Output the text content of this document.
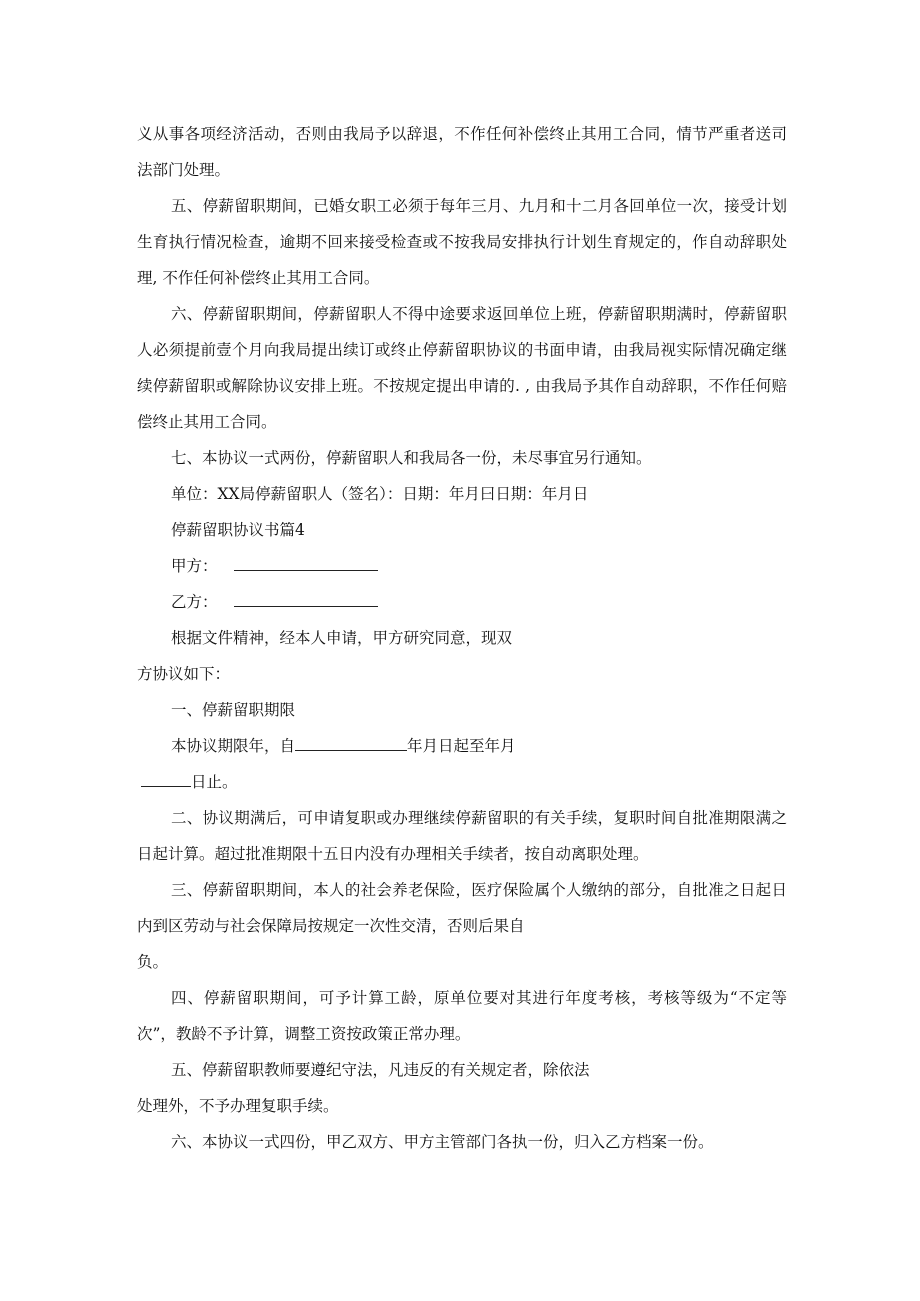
义从事各项经济活动，否则由我局予以辞退，不作任何补偿终止其用工合同，情节严重者送司法部门处理。

五、停薪留职期间，已婚女职工必须于每年三月、九月和十二月各回单位一次，接受计划生育执行情况检查，逾期不回来接受检查或不按我局安排执行计划生育规定的，作自动辞职处理, 不作任何补偿终止其用工合同。

六、停薪留职期间，停薪留职人不得中途要求返回单位上班，停薪留职期满时，停薪留职人必须提前壹个月向我局提出续订或终止停薪留职协议的书面申请，由我局视实际情况确定继续停薪留职或解除协议安排上班。不按规定提出申请的. , 由我局予其作自动辞职，不作任何赔偿终止其用工合同。

七、本协议一式两份，停薪留职人和我局各一份，未尽事宜另行通知。
单位：XX局停薪留职人（签名）：日期：年月曰日期：年月日
停薪留职协议书篇4
甲方：
乙方：
根据文件精神，经本人申请，甲方研究同意，现双
方协议如下：
一、停薪留职期限
本协议期限年，自	年月日起至年月
日止。

二、协议期满后，可申请复职或办理继续停薪留职的有关手续，复职时间自批准期限满之日起计算。超过批准期限十五日内没有办理相关手续者，按自动离职处理。

三、停薪留职期间，本人的社会养老保险，医疗保险属个人缴纳的部分，自批准之日起日内到区劳动与社会保障局按规定一次性交清，否则后果自

负。

四、停薪留职期间，可予计算工龄，原单位要对其进行年度考核，考核等级为“不定等次”，教龄不予计算，调整工资按政策正常办理。

五、停薪留职教师要遵纪守法，凡违反的有关规定者，除依法
处理外，不予办理复职手续。
六、本协议一式四份，甲乙双方、甲方主管部门各执一份，归入乙方档案一份。
